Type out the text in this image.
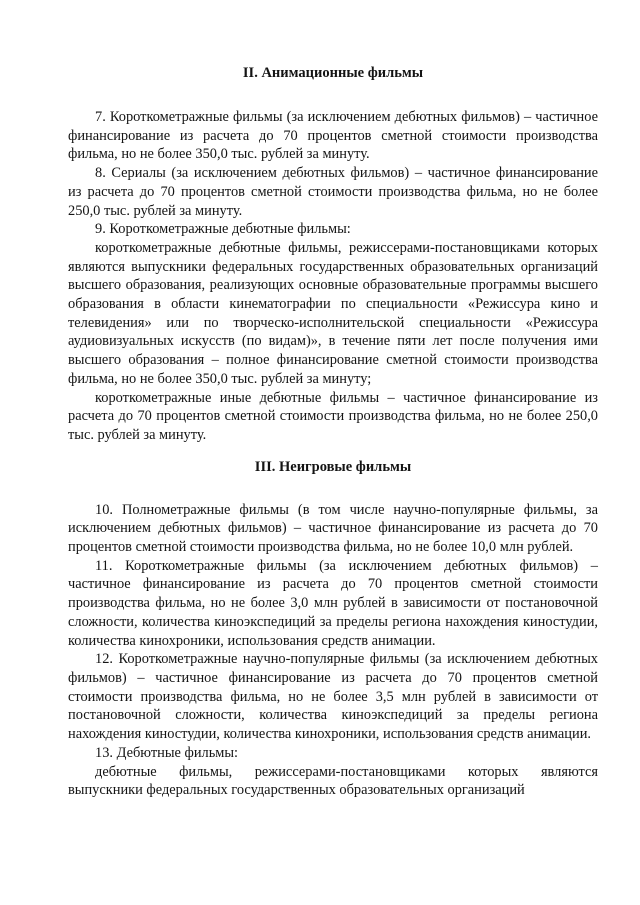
II. Анимационные фильмы

7. Короткометражные фильмы (за исключением дебютных фильмов) – частичное финансирование из расчета до 70 процентов сметной стоимости производства фильма, но не более 350,0 тыс. рублей за минуту.

8. Сериалы (за исключением дебютных фильмов) – частичное финансирование из расчета до 70 процентов сметной стоимости производства фильма, но не более 250,0 тыс. рублей за минуту.

9. Короткометражные дебютные фильмы:

короткометражные дебютные фильмы, режиссерами-постановщиками которых являются выпускники федеральных государственных образовательных организаций высшего образования, реализующих основные образовательные программы высшего образования в области кинематографии по специальности «Режиссура кино и телевидения» или по творческо-исполнительской специальности «Режиссура аудиовизуальных искусств (по видам)», в течение пяти лет после получения ими высшего образования – полное финансирование сметной стоимости производства фильма, но не более 350,0 тыс. рублей за минуту;

короткометражные иные дебютные фильмы – частичное финансирование из расчета до 70 процентов сметной стоимости производства фильма, но не более 250,0 тыс. рублей за минуту.

III. Неигровые фильмы

10. Полнометражные фильмы (в том числе научно-популярные фильмы, за исключением дебютных фильмов) – частичное финансирование из расчета до 70 процентов сметной стоимости производства фильма, но не более 10,0 млн рублей.

11. Короткометражные фильмы (за исключением дебютных фильмов) – частичное финансирование из расчета до 70 процентов сметной стоимости производства фильма, но не более 3,0 млн рублей в зависимости от постановочной сложности, количества киноэкспедиций за пределы региона нахождения киностудии, количества кинохроники, использования средств анимации.

12. Короткометражные научно-популярные фильмы (за исключением дебютных фильмов) – частичное финансирование из расчета до 70 процентов сметной стоимости производства фильма, но не более 3,5 млн рублей в зависимости от постановочной сложности, количества киноэкспедиций за пределы региона нахождения киностудии, количества кинохроники, использования средств анимации.

13. Дебютные фильмы:

дебютные фильмы, режиссерами-постановщиками которых являются выпускники федеральных государственных образовательных организаций
